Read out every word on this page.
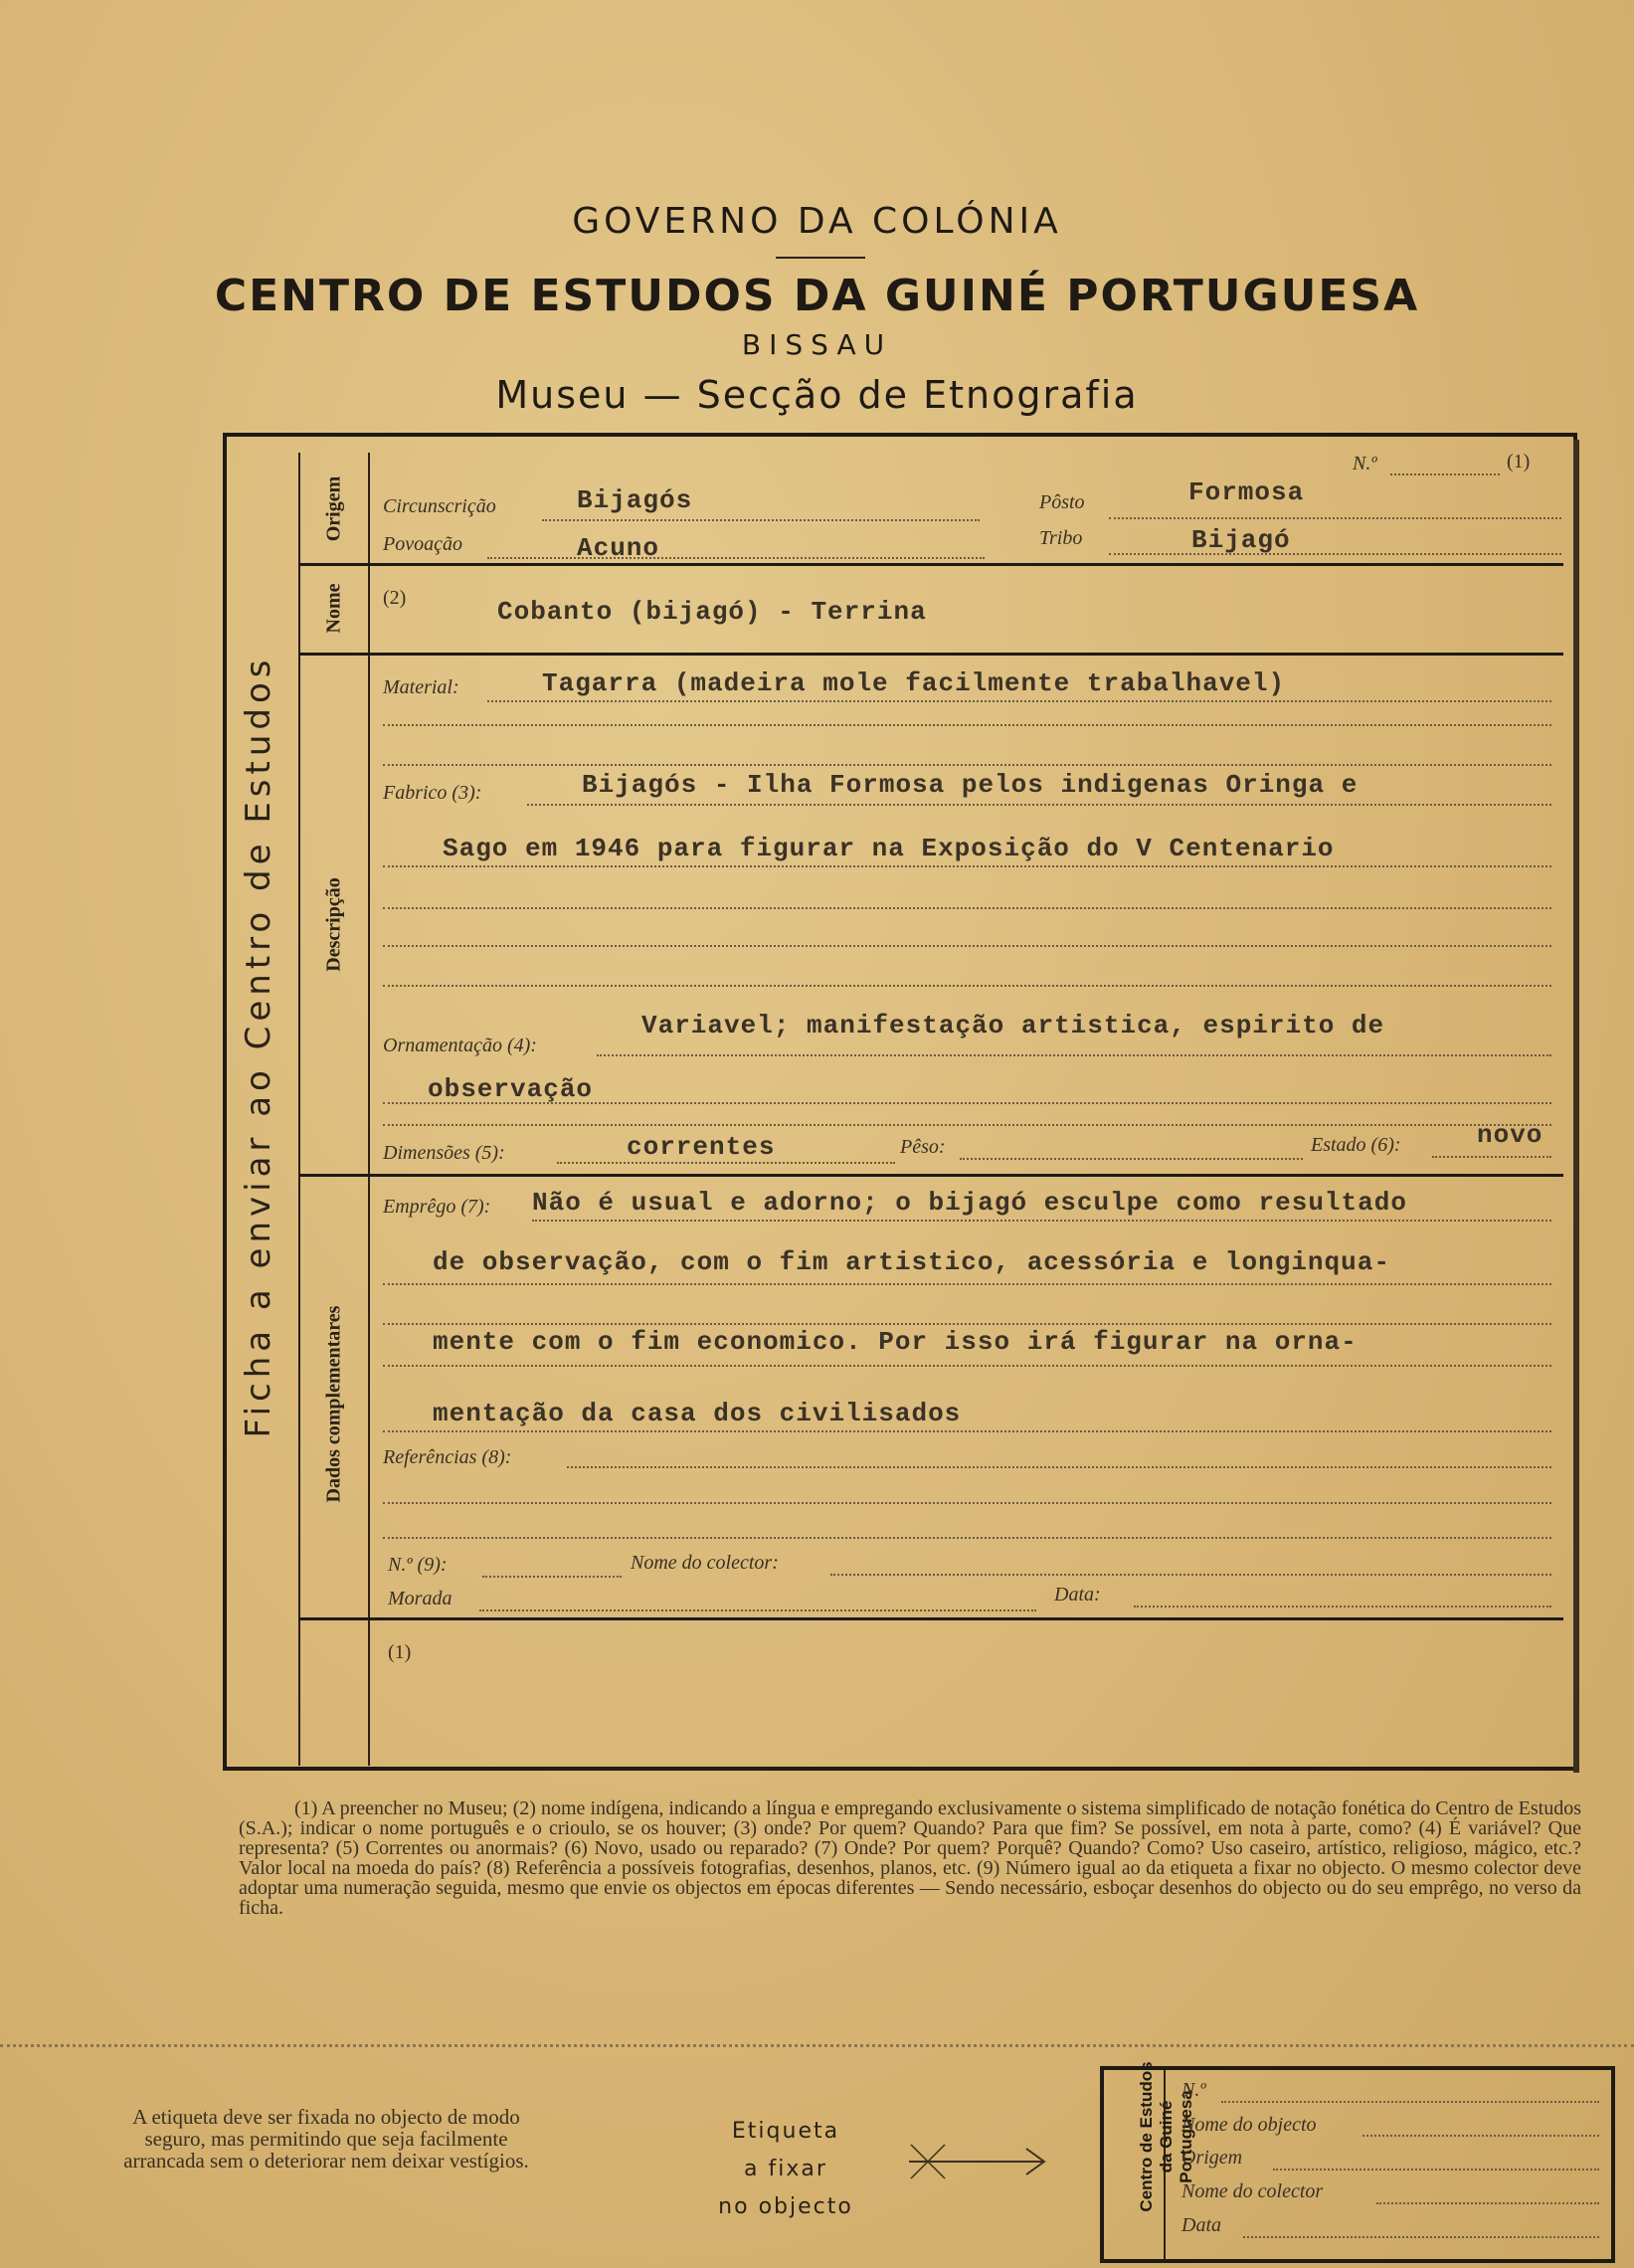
GOVERNO DA COLÓNIA
CENTRO DE ESTUDOS DA GUINÉ PORTUGUESA
BISSAU
Museu — Secção de Etnografia
Ficha a enviar ao Centro de Estudos
Origem
Nome
Descripção
Dados complementares
N.º	(1)
Circunscrição	Bijagós	Pôsto	Formosa
Povoação	Acuno	Tribo	Bijagó
(2)	Cobanto (bijagó) - Terrina
Material:	Tagarra (madeira mole facilmente trabalhavel)
Fabrico (3):	Bijagós - Ilha Formosa pelos indigenas Oringa e
Sago em 1946 para figurar na Exposição do V Centenario
Ornamentação (4):
Variavel; manifestação artistica, espirito de
observação
Dimensões (5):	correntes	Pêso:	Estado (6):	novo
Emprêgo (7): Não é usual e adorno; o bijagó esculpe como resultado
de observação, com o fim artistico, acessória e longinqua-
mente com o fim economico. Por isso irá figurar na orna-
mentação da casa dos civilisados
Referências (8):
N.º (9):	Nome do colector:
Morada	Data:
(1)

(1) A preencher no Museu; (2) nome indígena, indicando a língua e empregando exclusivamente o sistema simplificado de notação fonética do Centro de Estudos (S.A.); indicar o nome português e o crioulo, se os houver; (3) onde? Por quem? Quando? Para que fim? Se possível, em nota à parte, como? (4) É variável? Que representa? (5) Correntes ou anormais? (6) Novo, usado ou reparado? (7) Onde? Por quem? Porquê? Quando? Como? Uso caseiro, artístico, religioso, mágico, etc.? Valor local na moeda do país? (8) Referência a possíveis fotografias, desenhos, planos, etc. (9) Número igual ao da etiqueta a fixar no objecto. O mesmo colector deve adoptar uma numeração seguida, mesmo que envie os objectos em épocas diferentes — Sendo necessário, esboçar desenhos do objecto ou do seu emprêgo, no verso da ficha.

A etiqueta deve ser fixada no objecto de modo seguro, mas permitindo que seja facilmente arrancada sem o deteriorar nem deixar vestígios.
Etiqueta
a fixar
no objecto	Centro de Estudos da Guiné Portuguesa
N.º
Nome do objecto
Origem
Nome do colector
Data
